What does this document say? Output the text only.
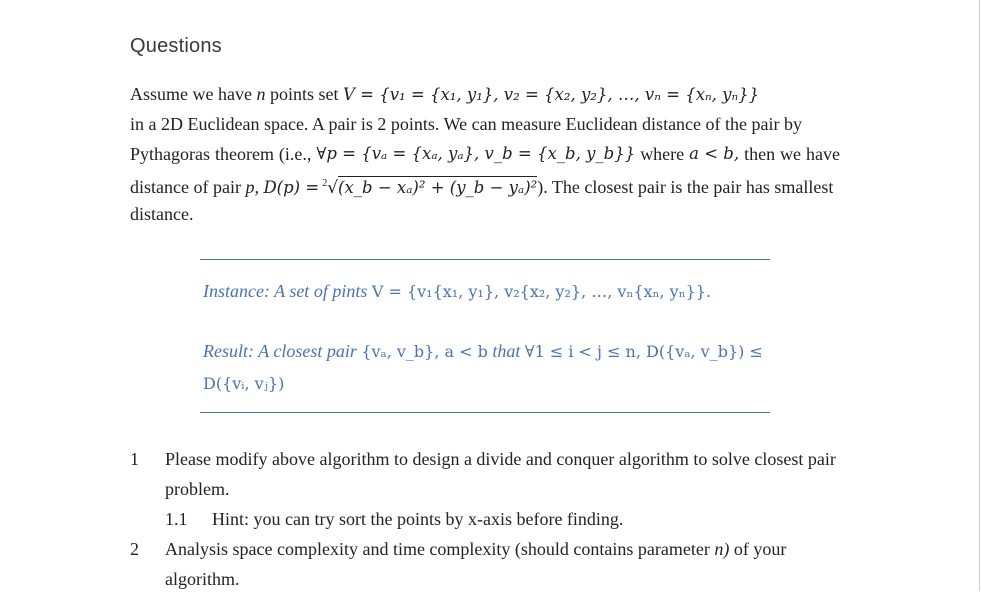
Questions
Assume we have n points set V = {v₁ = {x₁, y₁}, v₂ = {x₂, y₂}, …, vₙ = {xₙ, yₙ}}
in a 2D Euclidean space. A pair is 2 points. We can measure Euclidean distance of the pair by
Pythagoras theorem (i.e., ∀p = {vₐ = {xₐ, yₐ}, v_b = {x_b, y_b}} where a < b, then we have
distance of pair p, D(p) = $^2$√(x_b − xₐ)² + (y_b − yₐ)²). The closest pair is the pair has smallest
distance.
Instance: A set of pints V = {v₁{x₁, y₁}, v₂{x₂, y₂}, …, vₙ{xₙ, yₙ}}.
Result: A closest pair {vₐ, v_b}, a < b that ∀1 ≤ i < j ≤ n, D({vₐ, v_b}) ≤
D({vᵢ, vⱼ})
1 Please modify above algorithm to design a divide and conquer algorithm to solve closest pair problem.
1.1 Hint: you can try sort the points by x-axis before finding.
2 Analysis space complexity and time complexity (should contains parameter n) of your algorithm.
